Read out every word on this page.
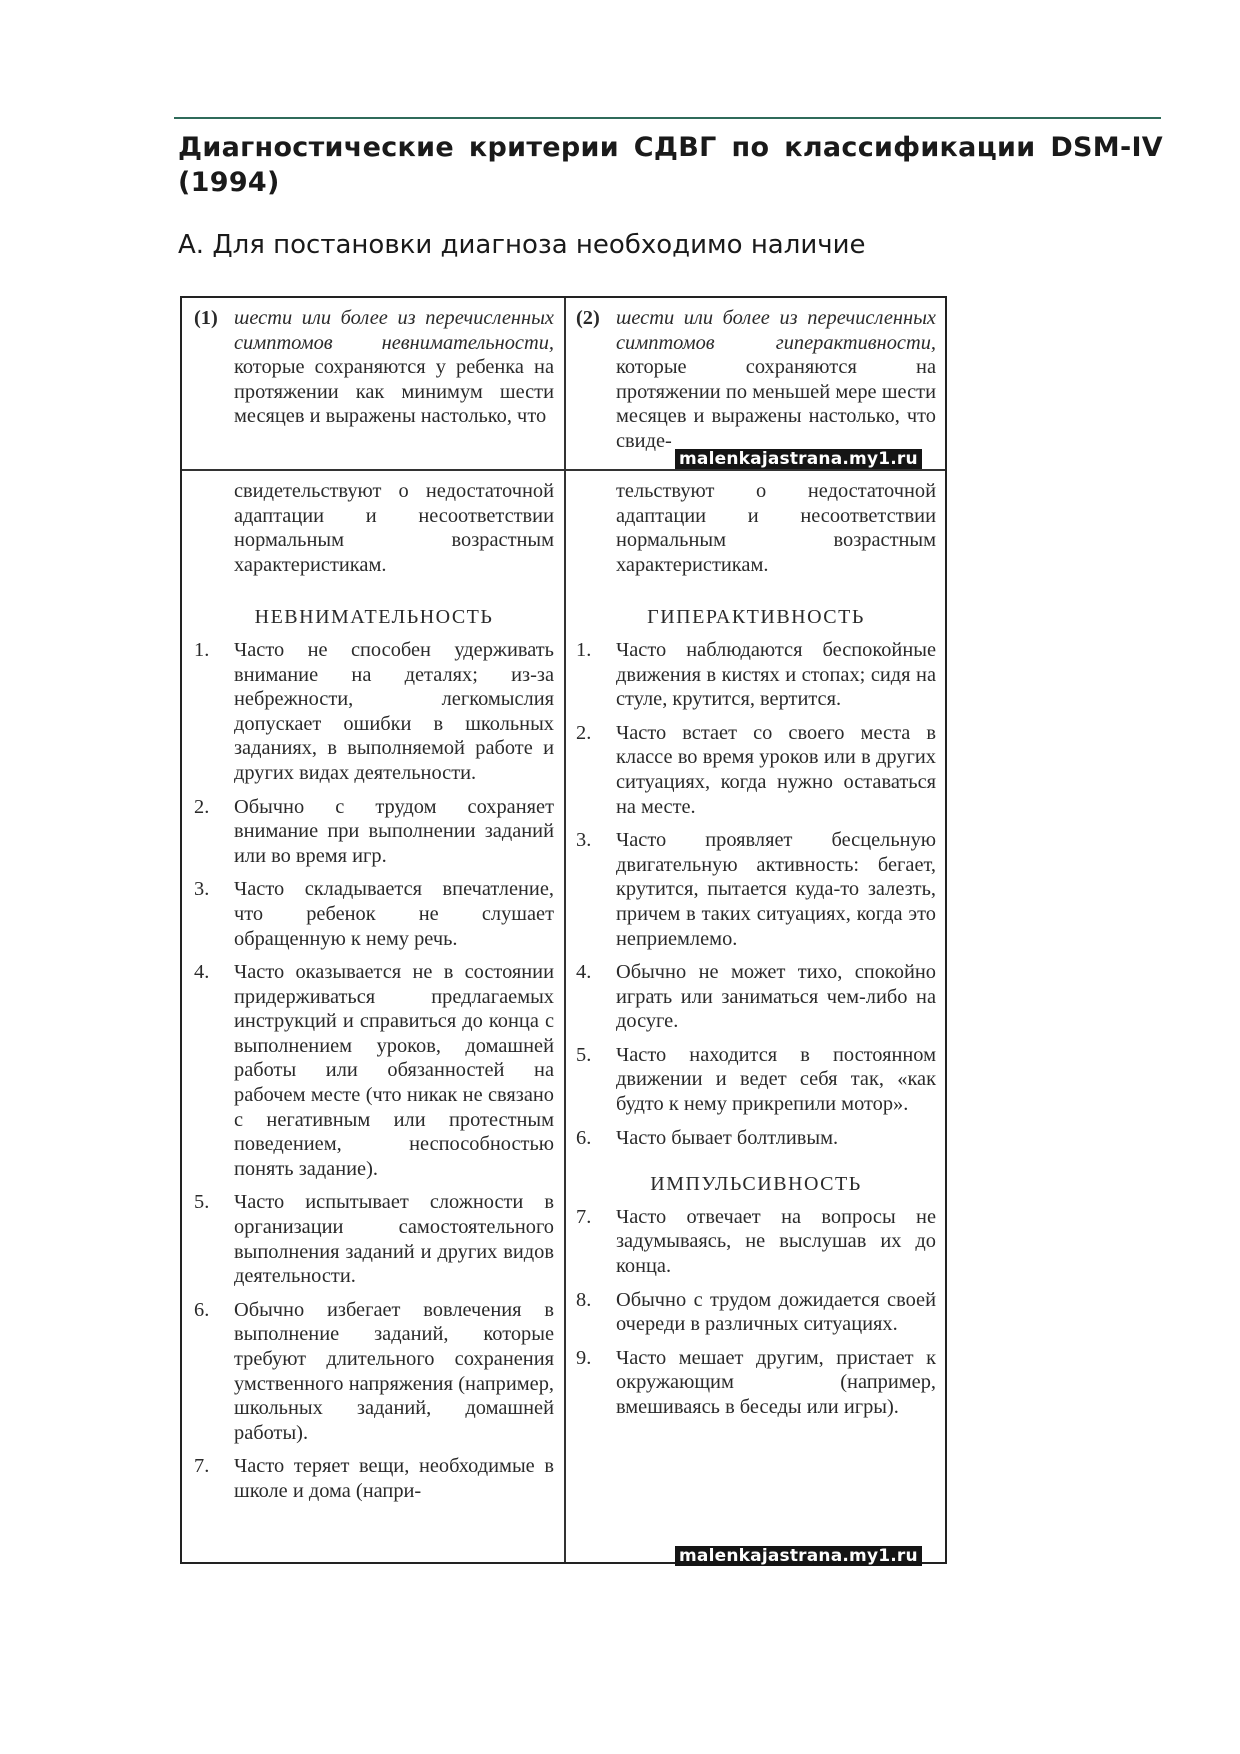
Диагностические критерии СДВГ по классификации DSM-IV (1994)

А. Для постановки диагноза необходимо наличие

(1) шести или более из перечисленных симптомов невнимательности, которые сохраняются у ребенка на протяжении как минимум шести месяцев и выражены настолько, что
свидетельствуют о недостаточной адаптации и несоответствии нормальным возрастным характеристикам.
НЕВНИМАТЕЛЬНОСТЬ
1. Часто не способен удерживать внимание на деталях; из-за небрежности, легкомыслия допускает ошибки в школьных заданиях, в выполняемой работе и других видах деятельности.
2. Обычно с трудом сохраняет внимание при выполнении заданий или во время игр.
3. Часто складывается впечатление, что ребенок не слушает обращенную к нему речь.
4. Часто оказывается не в состоянии придерживаться предлагаемых инструкций и справиться до конца с выполнением уроков, домашней работы или обязанностей на рабочем месте (что никак не связано с негативным или протестным поведением, неспособностью понять задание).
5. Часто испытывает сложности в организации самостоятельного выполнения заданий и других видов деятельности.
6. Обычно избегает вовлечения в выполнение заданий, которые требуют длительного сохранения умственного напряжения (например, школьных заданий, домашней работы).
7. Часто теряет вещи, необходимые в школе и дома (напри-
(2) шести или более из перечисленных симптомов гиперактивности, которые сохраняются на протяжении по меньшей мере шести месяцев и выражены настолько, что свиде-
тельствуют о недостаточной адаптации и несоответствии нормальным возрастным характеристикам.
ГИПЕРАКТИВНОСТЬ
1. Часто наблюдаются беспокойные движения в кистях и стопах; сидя на стуле, крутится, вертится.
2. Часто встает со своего места в классе во время уроков или в других ситуациях, когда нужно оставаться на месте.
3. Часто проявляет бесцельную двигательную активность: бегает, крутится, пытается куда-то залезть, причем в таких ситуациях, когда это неприемлемо.
4. Обычно не может тихо, спокойно играть или заниматься чем-либо на досуге.
5. Часто находится в постоянном движении и ведет себя так, «как будто к нему прикрепили мотор».
6. Часто бывает болтливым.
ИМПУЛЬСИВНОСТЬ
7. Часто отвечает на вопросы не задумываясь, не выслушав их до конца.
8. Обычно с трудом дожидается своей очереди в различных ситуациях.
9. Часто мешает другим, пристает к окружающим (например, вмешиваясь в беседы или игры).
malenkajastrana.my1.ru
malenkajastrana.my1.ru
